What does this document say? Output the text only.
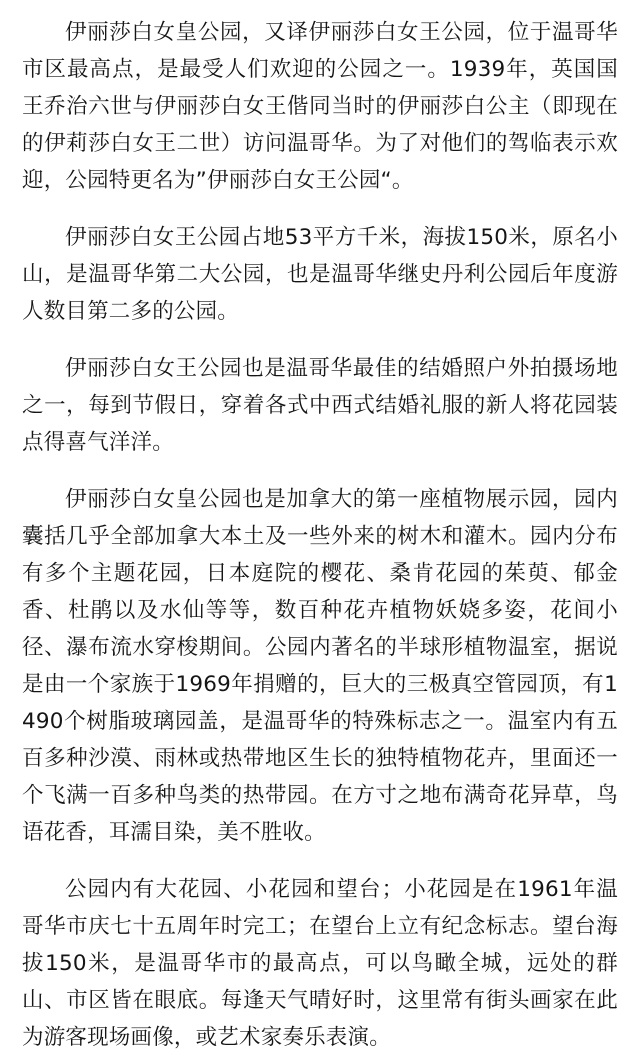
伊丽莎白女皇公园，又译伊丽莎白女王公园，位于温哥华市区最高点，是最受人们欢迎的公园之一。1939年，英国国王乔治六世与伊丽莎白女王偕同当时的伊丽莎白公主（即现在的伊莉莎白女王二世）访问温哥华。为了对他们的驾临表示欢迎，公园特更名为”伊丽莎白女王公园“。

伊丽莎白女王公园占地53平方千米，海拔150米，原名小山，是温哥华第二大公园，也是温哥华继史丹利公园后年度游人数目第二多的公园。

伊丽莎白女王公园也是温哥华最佳的结婚照户外拍摄场地之一，每到节假日，穿着各式中西式结婚礼服的新人将花园装点得喜气洋洋。

伊丽莎白女皇公园也是加拿大的第一座植物展示园，园内囊括几乎全部加拿大本土及一些外来的树木和灌木。园内分布有多个主题花园，日本庭院的樱花、桑肯花园的茱萸、郁金香、杜鹃以及水仙等等，数百种花卉植物妖娆多姿，花间小径、瀑布流水穿梭期间。公园内著名的半球形植物温室，据说是由一个家族于1969年捐赠的，巨大的三极真空管园顶，有1490个树脂玻璃园盖，是温哥华的特殊标志之一。温室内有五百多种沙漠、雨林或热带地区生长的独特植物花卉，里面还一个飞满一百多种鸟类的热带园。在方寸之地布满奇花异草，鸟语花香，耳濡目染，美不胜收。

公园内有大花园、小花园和望台；小花园是在1961年温哥华市庆七十五周年时完工；在望台上立有纪念标志。望台海拔150米，是温哥华市的最高点，可以鸟瞰全城，远处的群山、市区皆在眼底。每逢天气晴好时，这里常有街头画家在此为游客现场画像，或艺术家奏乐表演。
